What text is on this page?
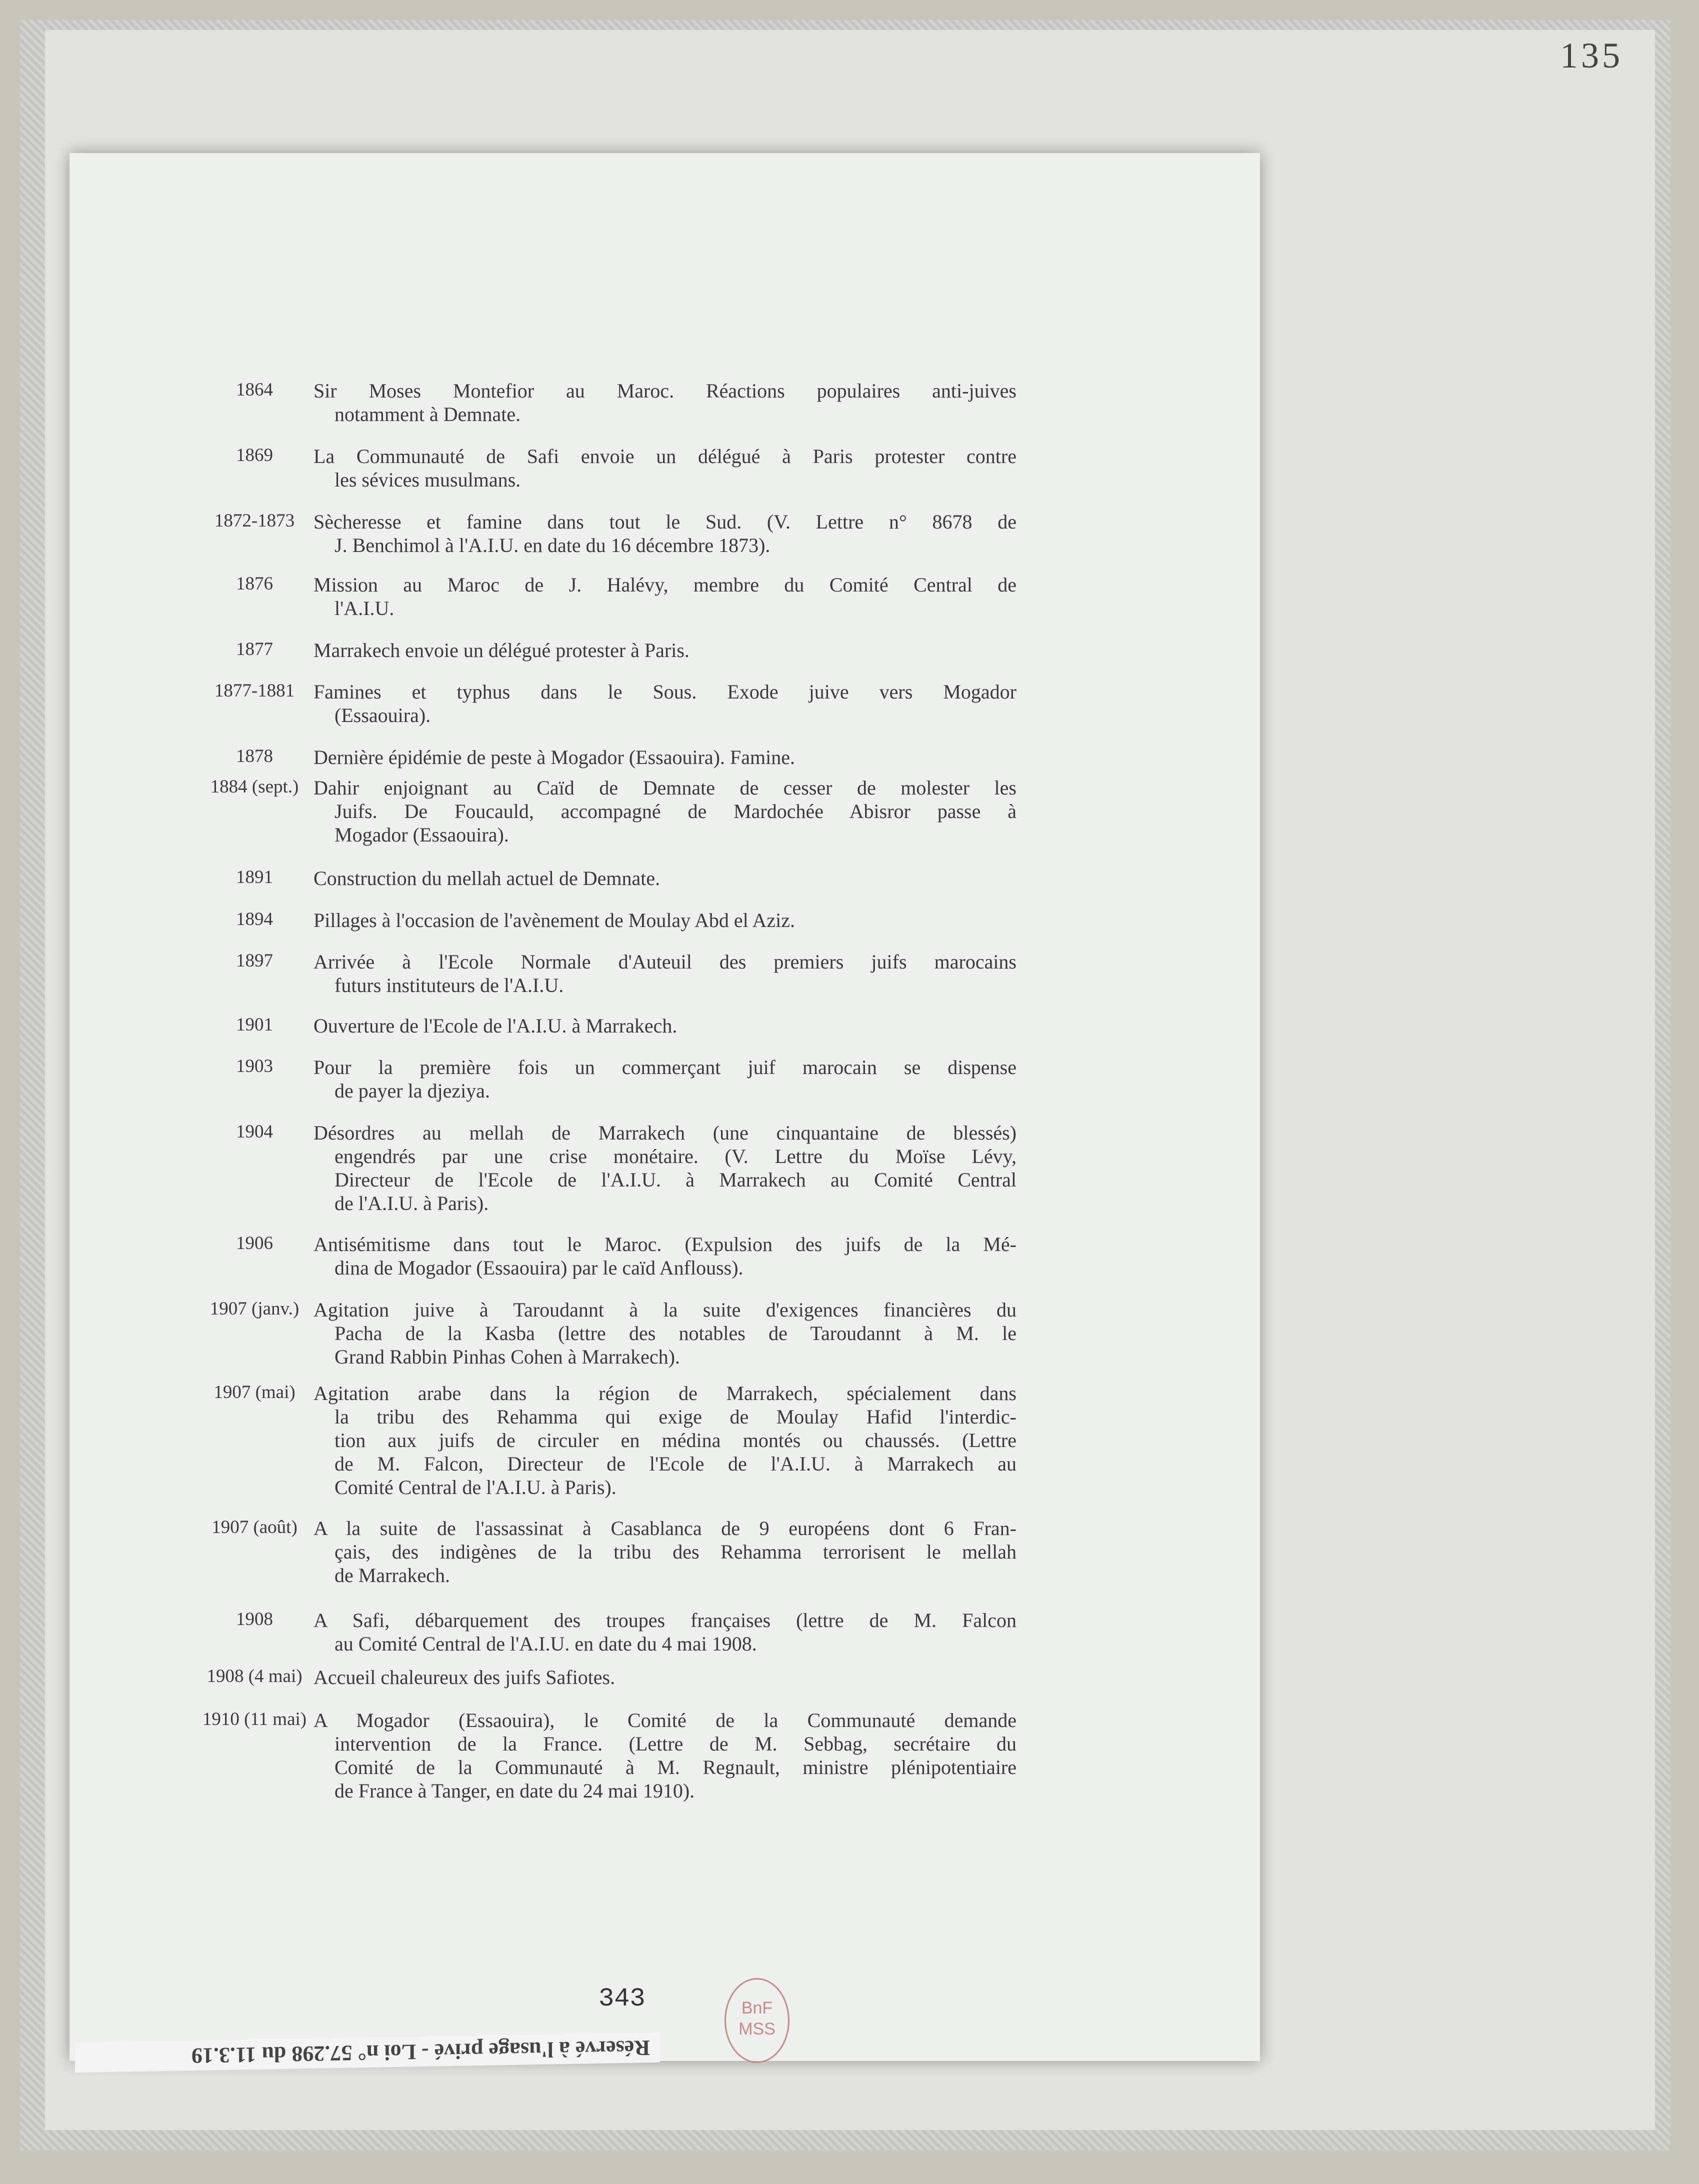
135
1864	Sir Moses Montefior au Maroc. Réactions populaires anti-juives
notamment à Demnate.
1869	La Communauté de Safi envoie un délégué à Paris protester contre
les sévices musulmans.
1872-1873 Sècheresse et famine dans tout le Sud. (V. Lettre n° 8678 de
J. Benchimol à l'A.I.U. en date du 16 décembre 1873).
1876	Mission au Maroc de J. Halévy, membre du Comité Central de
l'A.I.U.
1877	Marrakech envoie un délégué protester à Paris.
1877-1881 Famines et typhus dans le Sous. Exode juive vers Mogador
(Essaouira).
1878	Dernière épidémie de peste à Mogador (Essaouira). Famine.
1884 (sept.) Dahir enjoignant au Caïd de Demnate de cesser de molester les
Juifs. De Foucauld, accompagné de Mardochée Abisror passe à
Mogador (Essaouira).
1891	Construction du mellah actuel de Demnate.
1894	Pillages à l'occasion de l'avènement de Moulay Abd el Aziz.
1897	Arrivée à l'Ecole Normale d'Auteuil des premiers juifs marocains
futurs instituteurs de l'A.I.U.
1901	Ouverture de l'Ecole de l'A.I.U. à Marrakech.
1903	Pour la première fois un commerçant juif marocain se dispense
de payer la djeziya.
1904	Désordres au mellah de Marrakech (une cinquantaine de blessés)
engendrés par une crise monétaire. (V. Lettre du Moïse Lévy,
Directeur de l'Ecole de l'A.I.U. à Marrakech au Comité Central
de l'A.I.U. à Paris).
1906	Antisémitisme dans tout le Maroc. (Expulsion des juifs de la Mé-
dina de Mogador (Essaouira) par le caïd Anflouss).
1907 (janv.) Agitation juive à Taroudannt à la suite d'exigences financières du
Pacha de la Kasba (lettre des notables de Taroudannt à M. le
Grand Rabbin Pinhas Cohen à Marrakech).
1907 (mai) Agitation arabe dans la région de Marrakech, spécialement dans
la tribu des Rehamma qui exige de Moulay Hafid l'interdic-
tion aux juifs de circuler en médina montés ou chaussés. (Lettre
de M. Falcon, Directeur de l'Ecole de l'A.I.U. à Marrakech au
Comité Central de l'A.I.U. à Paris).
1907 (août) A la suite de l'assassinat à Casablanca de 9 européens dont 6 Fran-
çais, des indigènes de la tribu des Rehamma terrorisent le mellah
de Marrakech.
1908	A Safi, débarquement des troupes françaises (lettre de M. Falcon
au Comité Central de l'A.I.U. en date du 4 mai 1908.
1908 (4 mai) Accueil chaleureux des juifs Safiotes.
1910 (11 mai) A Mogador (Essaouira), le Comité de la Communauté demande
intervention de la France. (Lettre de M. Sebbag, secrétaire du
Comité de la Communauté à M. Regnault, ministre plénipotentiaire
de France à Tanger, en date du 24 mai 1910).
343	BnF
MSS
Réservé à l'usage privé - Loi n° 57.298 du 11.3.19
